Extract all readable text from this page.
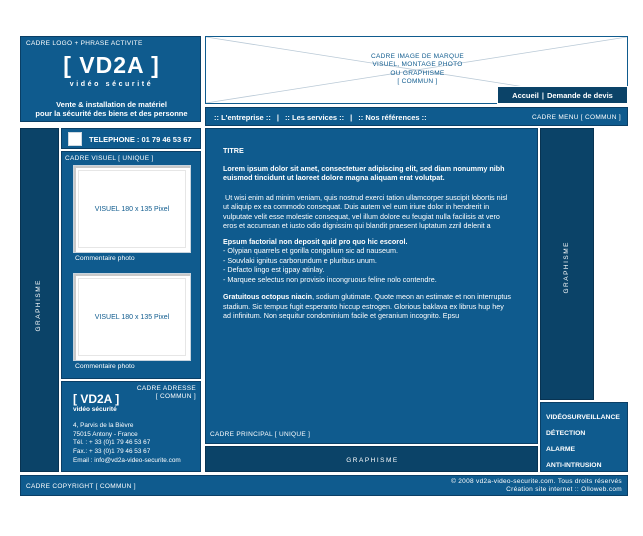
CADRE LOGO + PHRASE ACTIVITE
[ VD2A ]
vidéo sécurité
Vente & installation de matériel
pour la sécurité des biens et des personne
CADRE IMAGE DE MARQUE
VISUEL, MONTAGE PHOTO
OU GRAPHISME
[ COMMUN ]
Accueil | Demande de devis
:: L'entreprise :: | :: Les services :: | :: Nos références ::	CADRE MENU [ COMMUN ]
GRAPHISME
TELEPHONE : 01 79 46 53 67
CADRE VISUEL [ UNIQUE ]
VISUEL 180 x 135 Pixel
Commentaire photo
VISUEL 180 x 135 Pixel
Commentaire photo
CADRE ADRESSE
[ COMMUN ]
[ VD2A ]
vidéo sécurité
4, Parvis de la Bièvre
75015 Antony - France
Tél. : + 33 (0)1 79 46 53 67
Fax.: + 33 (0)1 79 46 53 67
Email : info@vd2a-video-securite.com

TITRE

Lorem ipsum dolor sit amet, consectetuer adipiscing elit, sed diam nonummy nibh euismod tincidunt ut laoreet dolore magna aliquam erat volutpat.

Ut wisi enim ad minim veniam, quis nostrud exerci tation ullamcorper suscipit lobortis nisl ut aliquip ex ea commodo consequat. Duis autem vel eum iriure dolor in hendrerit in vulputate velit esse molestie consequat, vel illum dolore eu feugiat nulla facilisis at vero eros et accumsan et iusto odio dignissim qui blandit praesent luptatum zzril delenit a

Epsum factorial non deposit quid pro quo hic escorol.

- Olypian quarrels et gorilla congolium sic ad nauseum.

- Souvlaki ignitus carborundum e pluribus unum.

- Defacto lingo est igpay atinlay.

- Marquee selectus non provisio incongruous feline nolo contendre.

Gratuitous octopus niacin, sodium glutimate. Quote meon an estimate et non interruptus stadium. Sic tempus fugit esperanto hiccup estrogen. Glorious baklava ex librus hup hey ad infinitum. Non sequitur condominium facile et geranium incognito. Epsu

CADRE PRINCIPAL [ UNIQUE ]
GRAPHISME
GRAPHISME
VIDÉOSURVEILLANCE
DÉTECTION
ALARME
ANTI-INTRUSION
CADRE COPYRIGHT [ COMMUN ]
© 2008 vd2a-video-securite.com. Tous droits réservés
Création site internet :: Olloweb.com
